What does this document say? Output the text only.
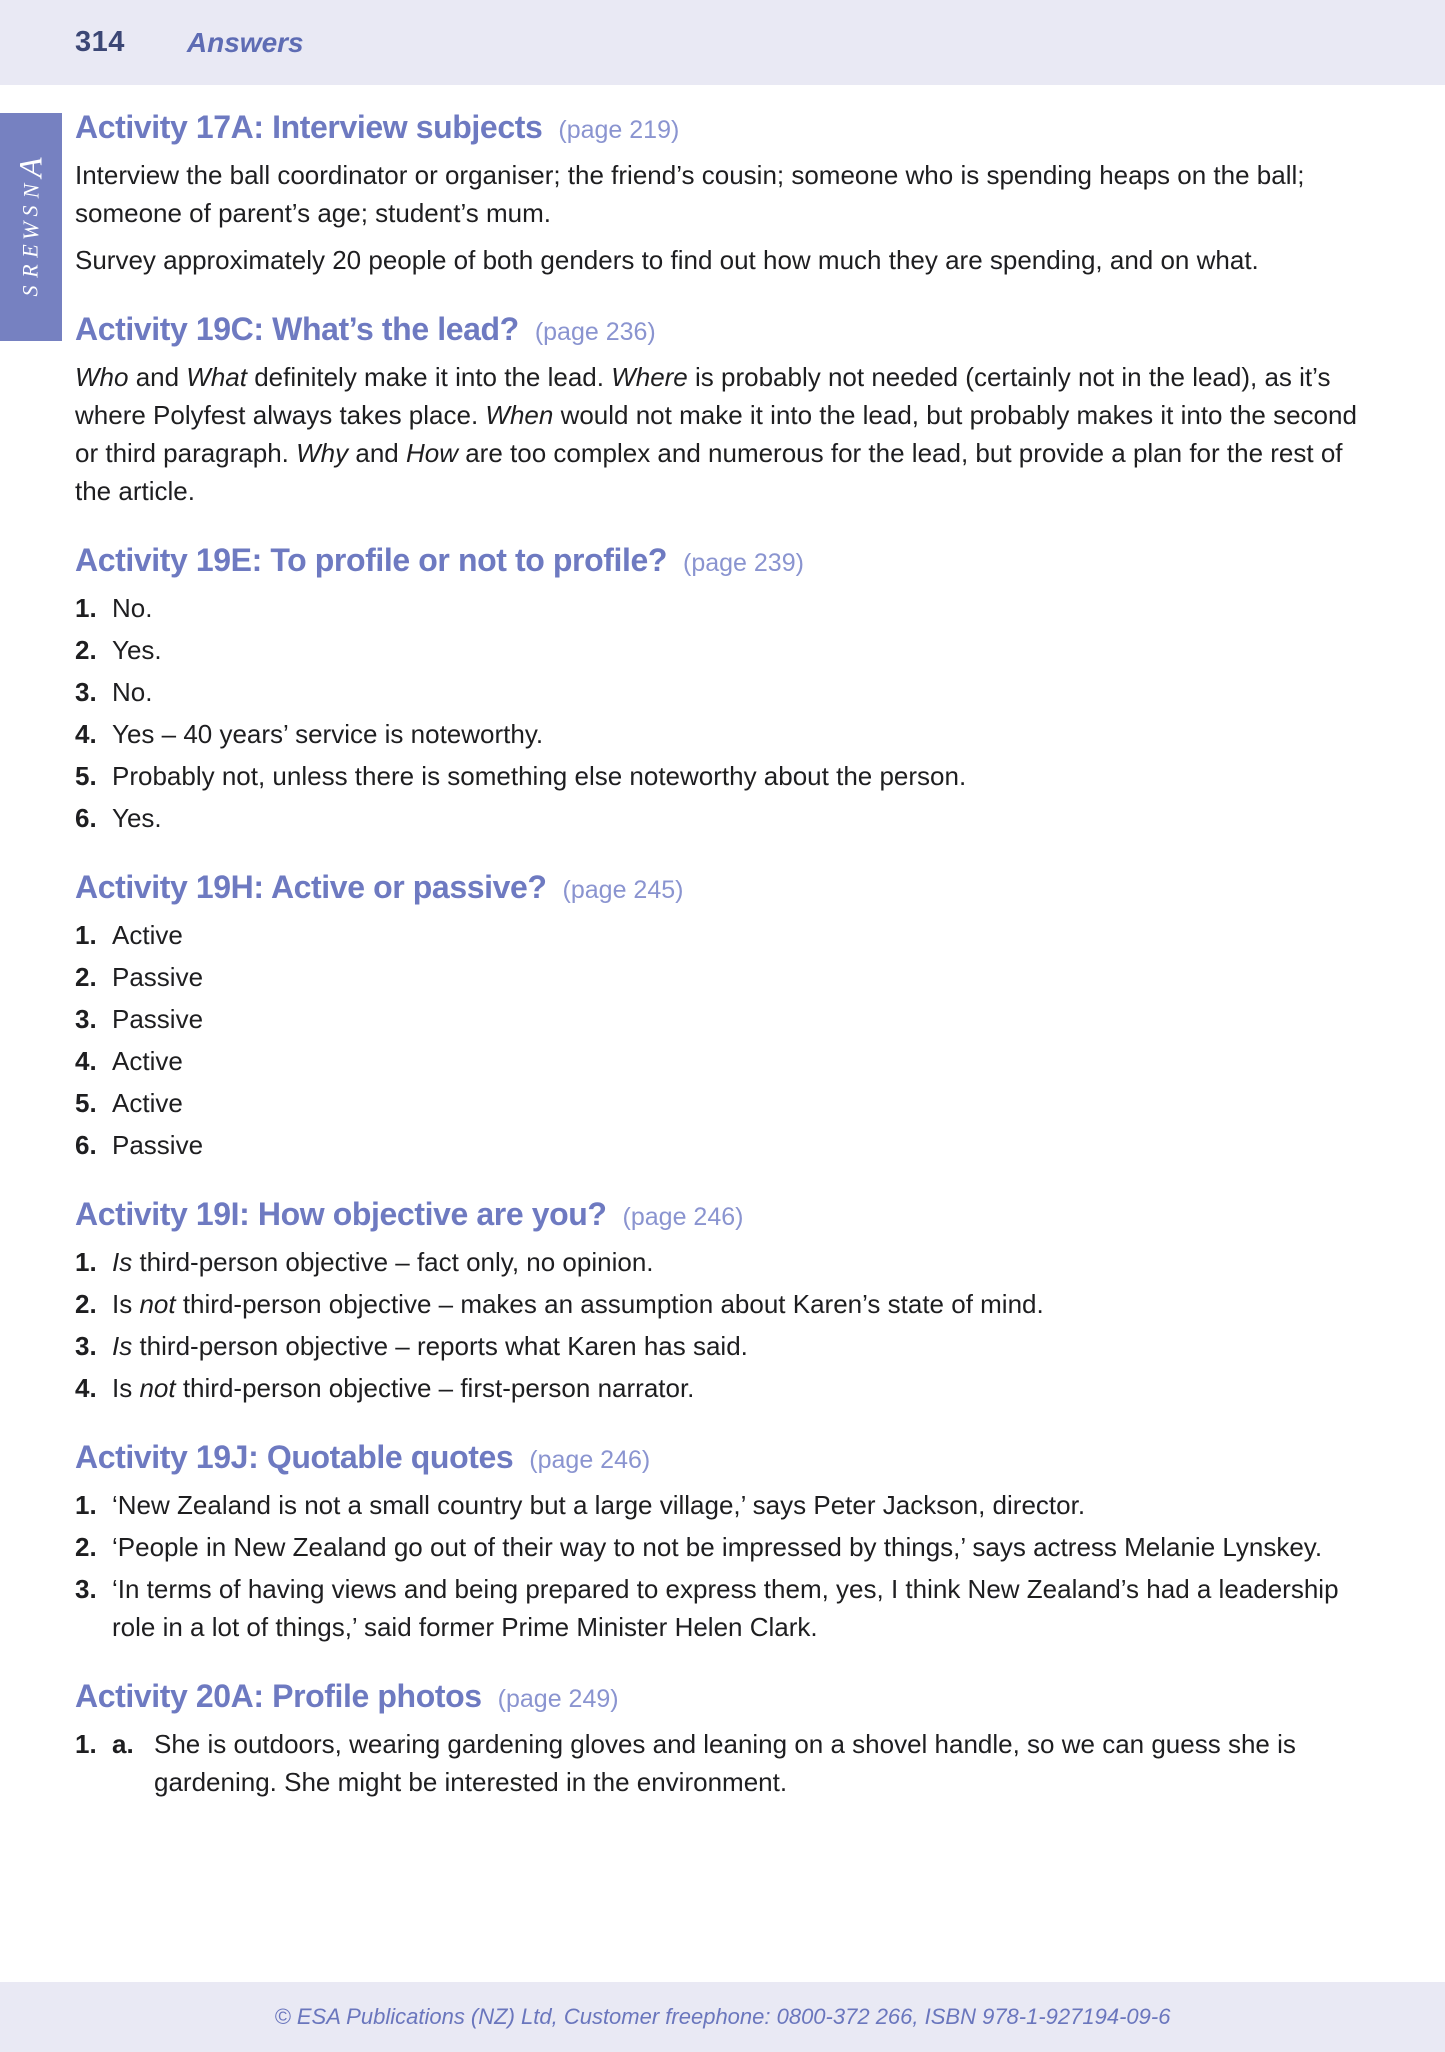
314 Answers
A
N
S
W
E
R
S
Activity 17A: Interview subjects (page 219)

Interview the ball coordinator or organiser; the friend’s cousin; someone who is spending heaps on the ball; someone of parent’s age; student’s mum.

Survey approximately 20 people of both genders to find out how much they are spending, and on what.

Activity 19C: What’s the lead? (page 236)

Who and What definitely make it into the lead. Where is probably not needed (certainly not in the lead), as it’s where Polyfest always takes place. When would not make it into the lead, but probably makes it into the second or third paragraph. Why and How are too complex and numerous for the lead, but provide a plan for the rest of the article.

Activity 19E: To profile or not to profile? (page 239)
1. No.
2. Yes.
3. No.
4. Yes – 40 years’ service is noteworthy.
5. Probably not, unless there is something else noteworthy about the person.
6. Yes.
Activity 19H: Active or passive? (page 245)
1. Active
2. Passive
3. Passive
4. Active
5. Active
6. Passive
Activity 19I: How objective are you? (page 246)
1. Is third-person objective – fact only, no opinion.
2. Is not third-person objective – makes an assumption about Karen’s state of mind.
3. Is third-person objective – reports what Karen has said.
4. Is not third-person objective – first-person narrator.
Activity 19J: Quotable quotes (page 246)
1. ‘New Zealand is not a small country but a large village,’ says Peter Jackson, director.
2. ‘People in New Zealand go out of their way to not be impressed by things,’ says actress Melanie Lynskey.
3. ‘In terms of having views and being prepared to express them, yes, I think New Zealand’s had a leadership role in a lot of things,’ said former Prime Minister Helen Clark.
Activity 20A: Profile photos (page 249)
1. a. She is outdoors, wearing gardening gloves and leaning on a shovel handle, so we can guess she is gardening. She might be interested in the environment.
© ESA Publications (NZ) Ltd, Customer freephone: 0800-372 266, ISBN 978-1-927194-09-6
